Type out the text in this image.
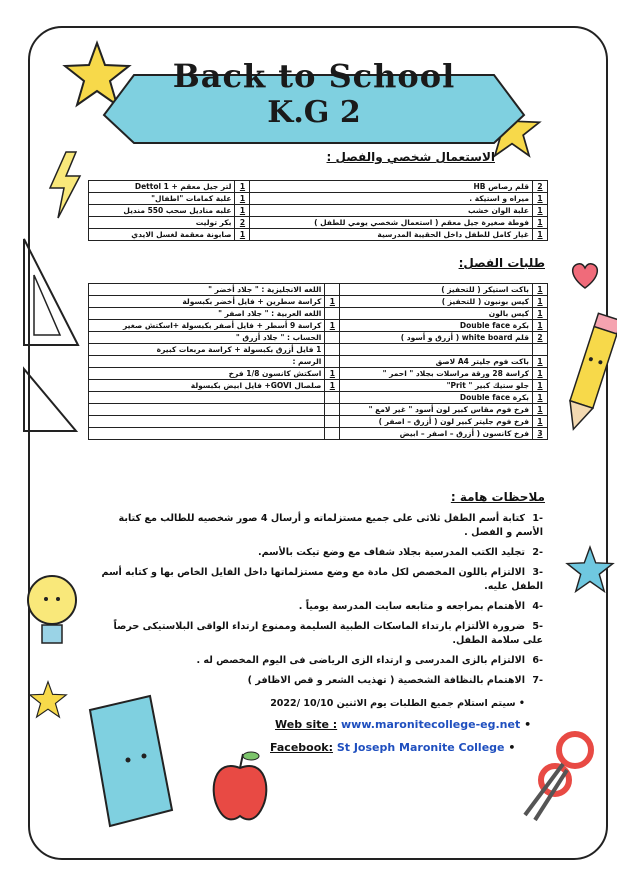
Back to School
K.G 2
الاستعمال شخصي والفصل :
2	قلم رصاص HB	1	لتر جيل معقم + Dettol 1
1	ميراه و استيكة .	1	علبة كمامات "اطفال"
1	علبة الوان خشب	1	علبه مناديل سحب 550 منديل
1	فوطة صغيرة جيل معقم ( استعمال شخصي يومي للطفل )	2	بكر توليت
1	غيار كامل للطفل داخل الحقيبة المدرسية	1	صابونة معقمة لغسل الايدي
طلبات الفصل:
1	باكت استيكر ( للتحفيز )		اللغه الانجليزية : " جلاد أخضر "
1	كيس بونبون ( للتحفيز )	1	كراسة سطرين + فايل أخضر بكبسولة
1	كيس بالون		اللغه العربية : " جلاد اصفر "
1	بكرة Double face	1	كراسة 9 أسطر + فايل أصفر بكبسولة +اسكتش صغير
2	قلم white board ( أزرق و أسود )		الحساب : " جلاد أزرق "
			1 فايل أزرق بكبسولة + كراسة مربعات كبيرة
1	باكت فوم جليتر A4 لاصق		الرسم :
1	كراسة 28 ورقة مراسلات بجلاد " احمر "	1	اسكتش كانسون 1/8 فرخ
1	جلو ستيك كبير " Prit"	1	صلصال GOVI+ فايل ابيض بكبسولة
1	بكرة Double face		
1	فرخ فوم مقاس كبير لون أسود " غير لامع "		
1	فرخ فوم جليتر كبير لون ( أزرق – اصفر )		
3	فرخ كانسون ( أزرق – اصفر – ابيض		
ملاحظات هامة :
-1كتابة أسم الطفل ثلاثى على جميع مستزلماته و أرسال 4 صور شخصيه للطالب مع كتابة الأسم و الفصل .
-2تجليد الكتب المدرسية بجلاد شفاف مع وضع تيكت بالأسم.
-3الالتزام باللون المخصص لكل مادة مع وضع مستزلماتها داخل الفايل الخاص بها و كتابه أسم الطفل عليه.
-4الأهتمام بمراجعه و متابعه سايت المدرسة يومياً .
-5ضرورة الألتزام بارتداء الماسكات الطبية السليمة وممنوع ارتداء الواقى البلاستيكى حرصاً على سلامة الطفل.
-6الالتزام بالزى المدرسى و ارتداء الزى الرياضى فى اليوم المخصص له .
-7الاهتمام بالنظافة الشخصية ( تهذيب الشعر و قص الاظافر )
• سيتم استلام جميع الطلبات يوم الاثنين 10/10 /2022
Web site : www.maronitecollege-eg.net •
Facebook: St Joseph Maronite College •
